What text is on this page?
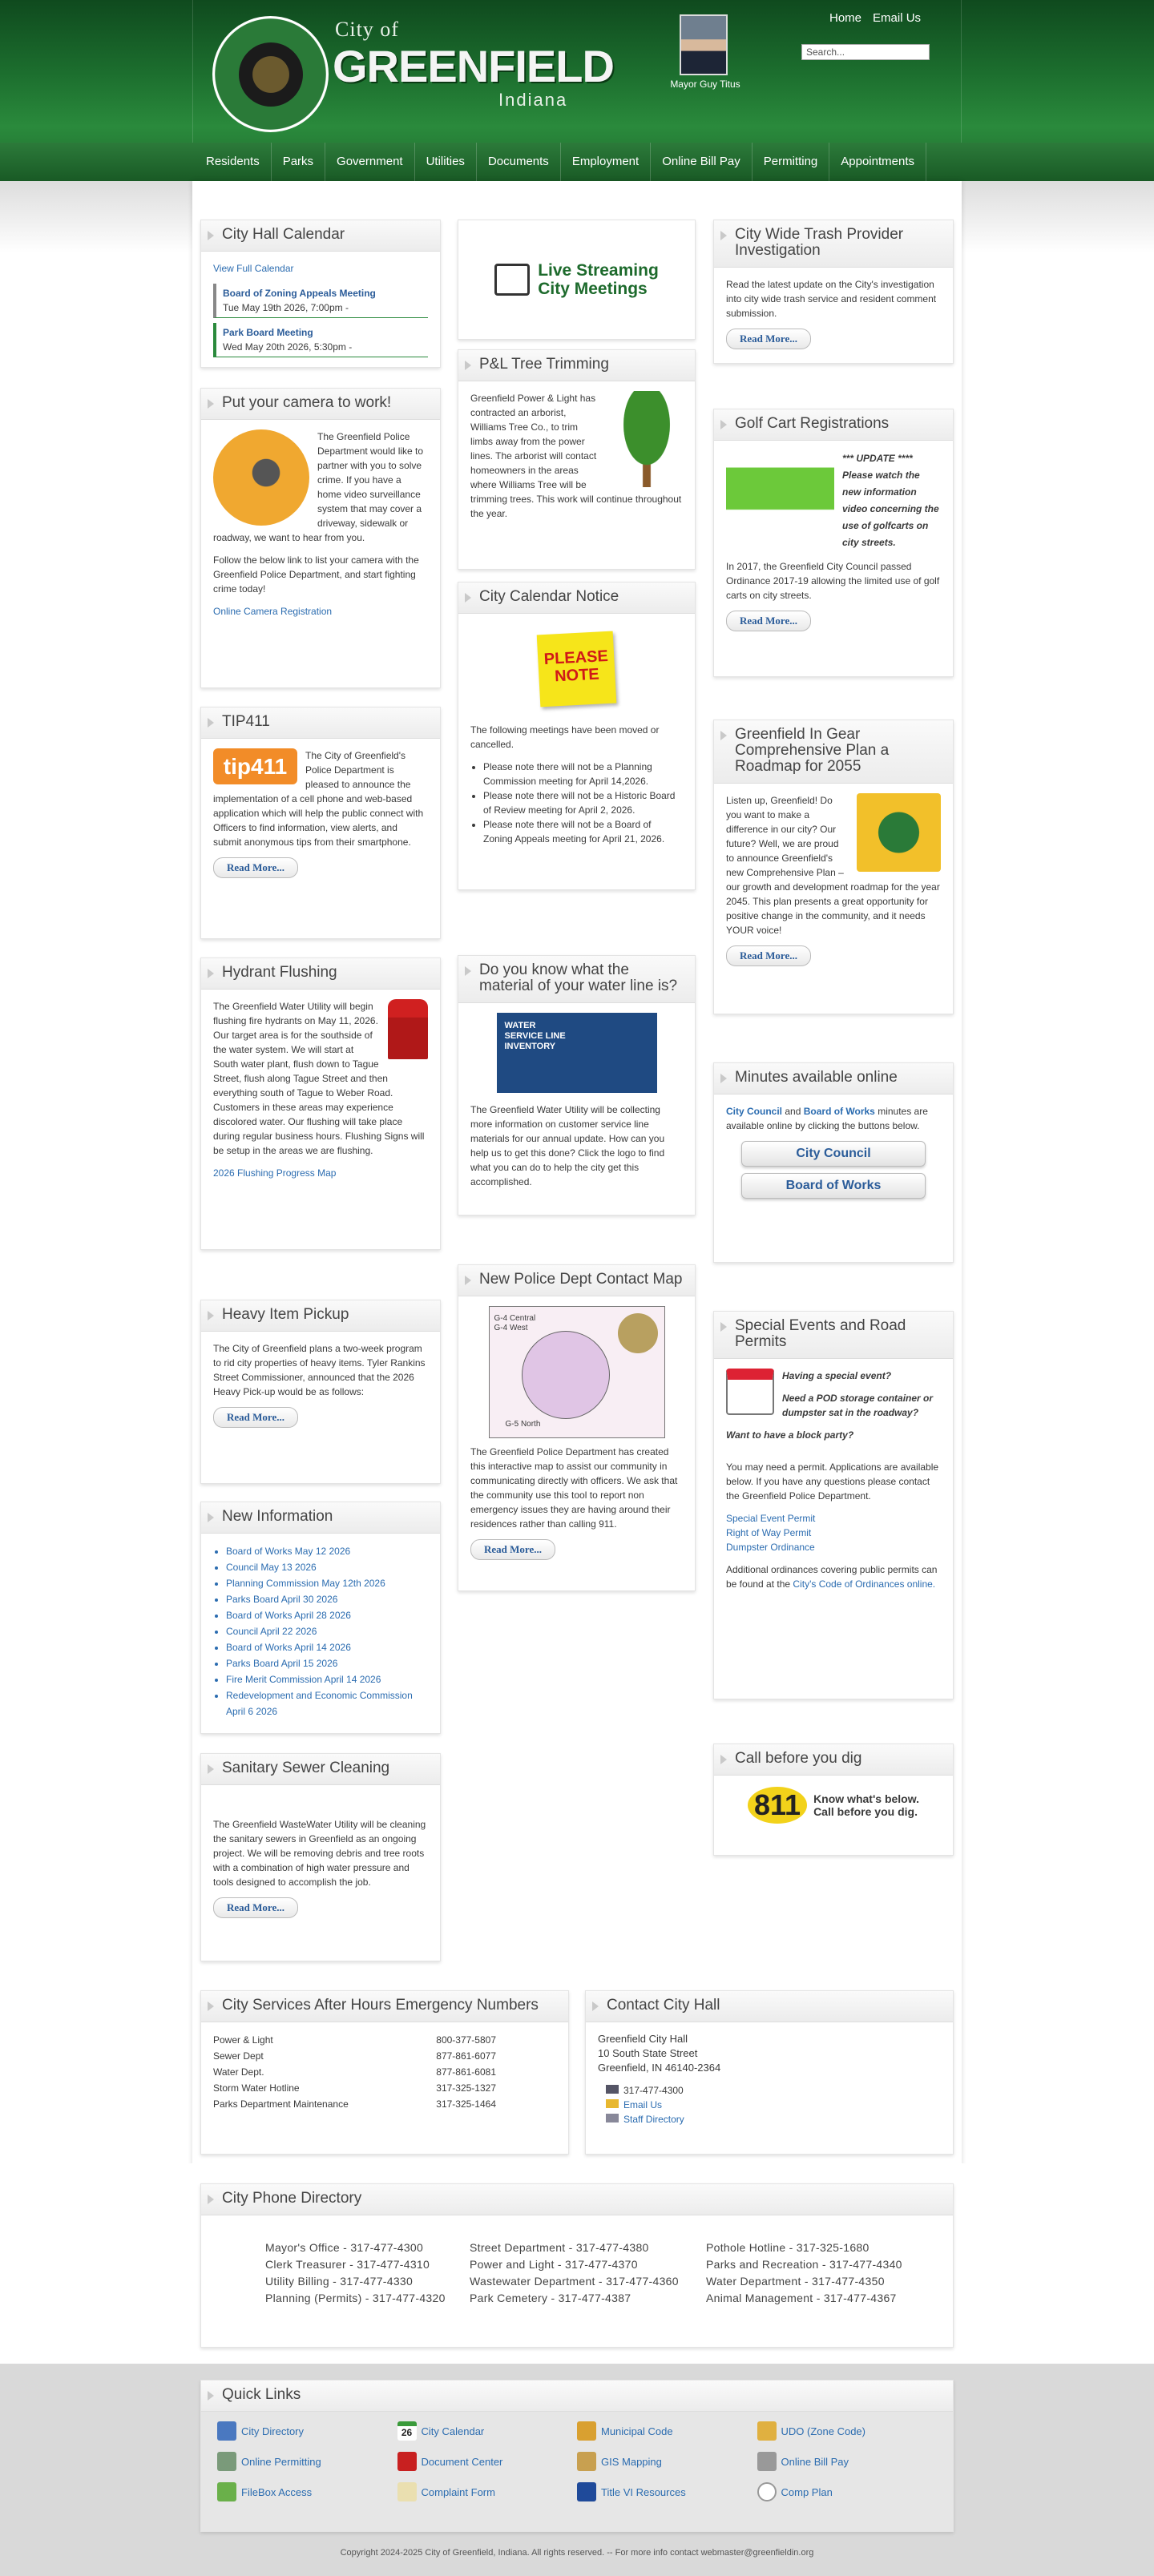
City of
GREENFIELD
Indiana
Mayor Guy Titus
Home Email Us
Search...
Residents	Parks	Government	Utilities	Documents	Employment	Online Bill Pay	Permitting	Appointments
City Hall Calendar
View Full Calendar
Board of Zoning Appeals Meeting
Tue May 19th 2026, 7:00pm -
Park Board Meeting
Wed May 20th 2026, 5:30pm -
Put your camera to work!

The Greenfield Police Department would like to partner with you to solve crime. If you have a home video surveillance system that may cover a driveway, sidewalk or roadway, we want to hear from you.

Follow the below link to list your camera with the Greenfield Police Department, and start fighting crime today!

Online Camera Registration
TIP411
tip411	The City of Greenfield's Police Department is pleased to announce the implementation of a cell phone and web-based application which will help the public connect with Officers to find information, view alerts, and submit anonymous tips from their smartphone.

Read More...
Hydrant Flushing

The Greenfield Water Utility will begin flushing fire hydrants on May 11, 2026. Our target area is for the southside of the water system. We will start at South water plant, flush down to Tague Street, flush along Tague Street and then everything south of Tague to Weber Road. Customers in these areas may experience discolored water. Our flushing will take place during regular business hours. Flushing Signs will be setup in the areas we are flushing.

2026 Flushing Progress Map
Heavy Item Pickup

The City of Greenfield plans a two-week program to rid city properties of heavy items. Tyler Rankins Street Commissioner, announced that the 2026 Heavy Pick-up would be as follows:

Read More...
New Information
• Board of Works May 12 2026
• Council May 13 2026
• Planning Commission May 12th 2026
• Parks Board April 30 2026
• Board of Works April 28 2026
• Council April 22 2026
• Board of Works April 14 2026
• Parks Board April 15 2026
• Fire Merit Commission April 14 2026
• Redevelopment and Economic Commission April 6 2026
Sanitary Sewer Cleaning

The Greenfield WasteWater Utility will be cleaning the sanitary sewers in Greenfield as an ongoing project. We will be removing debris and tree roots with a combination of high water pressure and tools designed to accomplish the job.

Read More...
Live Streaming
City Meetings
P&L Tree Trimming

Greenfield Power & Light has contracted an arborist, Williams Tree Co., to trim limbs away from the power lines. The arborist will contact homeowners in the areas where Williams Tree will be trimming trees. This work will continue throughout the year.

City Calendar Notice
PLEASE NOTE

The following meetings have been moved or cancelled.

• Please note there will not be a Planning Commission meeting for April 14,2026.
• Please note there will not be a Historic Board of Review meeting for April 2, 2026.
• Please note there will not be a Board of Zoning Appeals meeting for April 21, 2026.
Do you know what the material of your water line is?
WATER
SERVICE LINE
INVENTORY

The Greenfield Water Utility will be collecting more information on customer service line materials for our annual update. How can you help us to get this done? Click the logo to find what you can do to help the city get this accomplished.

New Police Dept Contact Map
G-4 Central
G-4 West
G-5 North

The Greenfield Police Department has created this interactive map to assist our community in communicating directly with officers. We ask that the community use this tool to report non emergency issues they are having around their residences rather than calling 911.

Read More...
City Wide Trash Provider Investigation

Read the latest update on the City's investigation into city wide trash service and resident comment submission.

Read More...
Golf Cart Registrations

*** UPDATE **** Please watch the new information video concerning the use of golfcarts on city streets.

In 2017, the Greenfield City Council passed Ordinance 2017-19 allowing the limited use of golf carts on city streets.

Read More...
Greenfield In Gear Comprehensive Plan a Roadmap for 2055

Listen up, Greenfield! Do you want to make a difference in our city? Our future? Well, we are proud to announce Greenfield's new Comprehensive Plan – our growth and development roadmap for the year 2045. This plan presents a great opportunity for positive change in the community, and it needs YOUR voice!

Read More...
Minutes available online

City Council and Board of Works minutes are available online by clicking the buttons below.

City Council
Board of Works
Special Events and Road Permits

Having a special event?

Need a POD storage container or dumpster sat in the roadway?

Want to have a block party?

You may need a permit. Applications are available below. If you have any questions please contact the Greenfield Police Department.

Special Event Permit
Right of Way Permit
Dumpster Ordinance

Additional ordinances covering public permits can be found at the City's Code of Ordinances online.

Call before you dig
811	Know what's below.
Call before you dig.
City Services After Hours Emergency Numbers
Power & Light	800-377-5807
Sewer Dept	877-861-6077
Water Dept.	877-861-6081
Storm Water Hotline	317-325-1327
Parks Department Maintenance	317-325-1464
Contact City Hall
Greenfield City Hall
10 South State Street
Greenfield, IN 46140-2364
317-477-4300
Email Us
Staff Directory
City Phone Directory
Mayor's Office - 317-477-4300
Clerk Treasurer - 317-477-4310
Utility Billing - 317-477-4330
Planning (Permits) - 317-477-4320
Street Department - 317-477-4380
Power and Light - 317-477-4370
Wastewater Department - 317-477-4360
Park Cemetery - 317-477-4387
Pothole Hotline - 317-325-1680
Parks and Recreation - 317-477-4340
Water Department - 317-477-4350
Animal Management - 317-477-4367
Quick Links
City Directory	26 City Calendar	Municipal Code	UDO (Zone Code)
Online Permitting	Document Center	GIS Mapping	Online Bill Pay
FileBox Access	Complaint Form	Title VI Resources	Comp Plan
Copyright 2024-2025 City of Greenfield, Indiana. All rights reserved. -- For more info contact webmaster@greenfieldin.org
